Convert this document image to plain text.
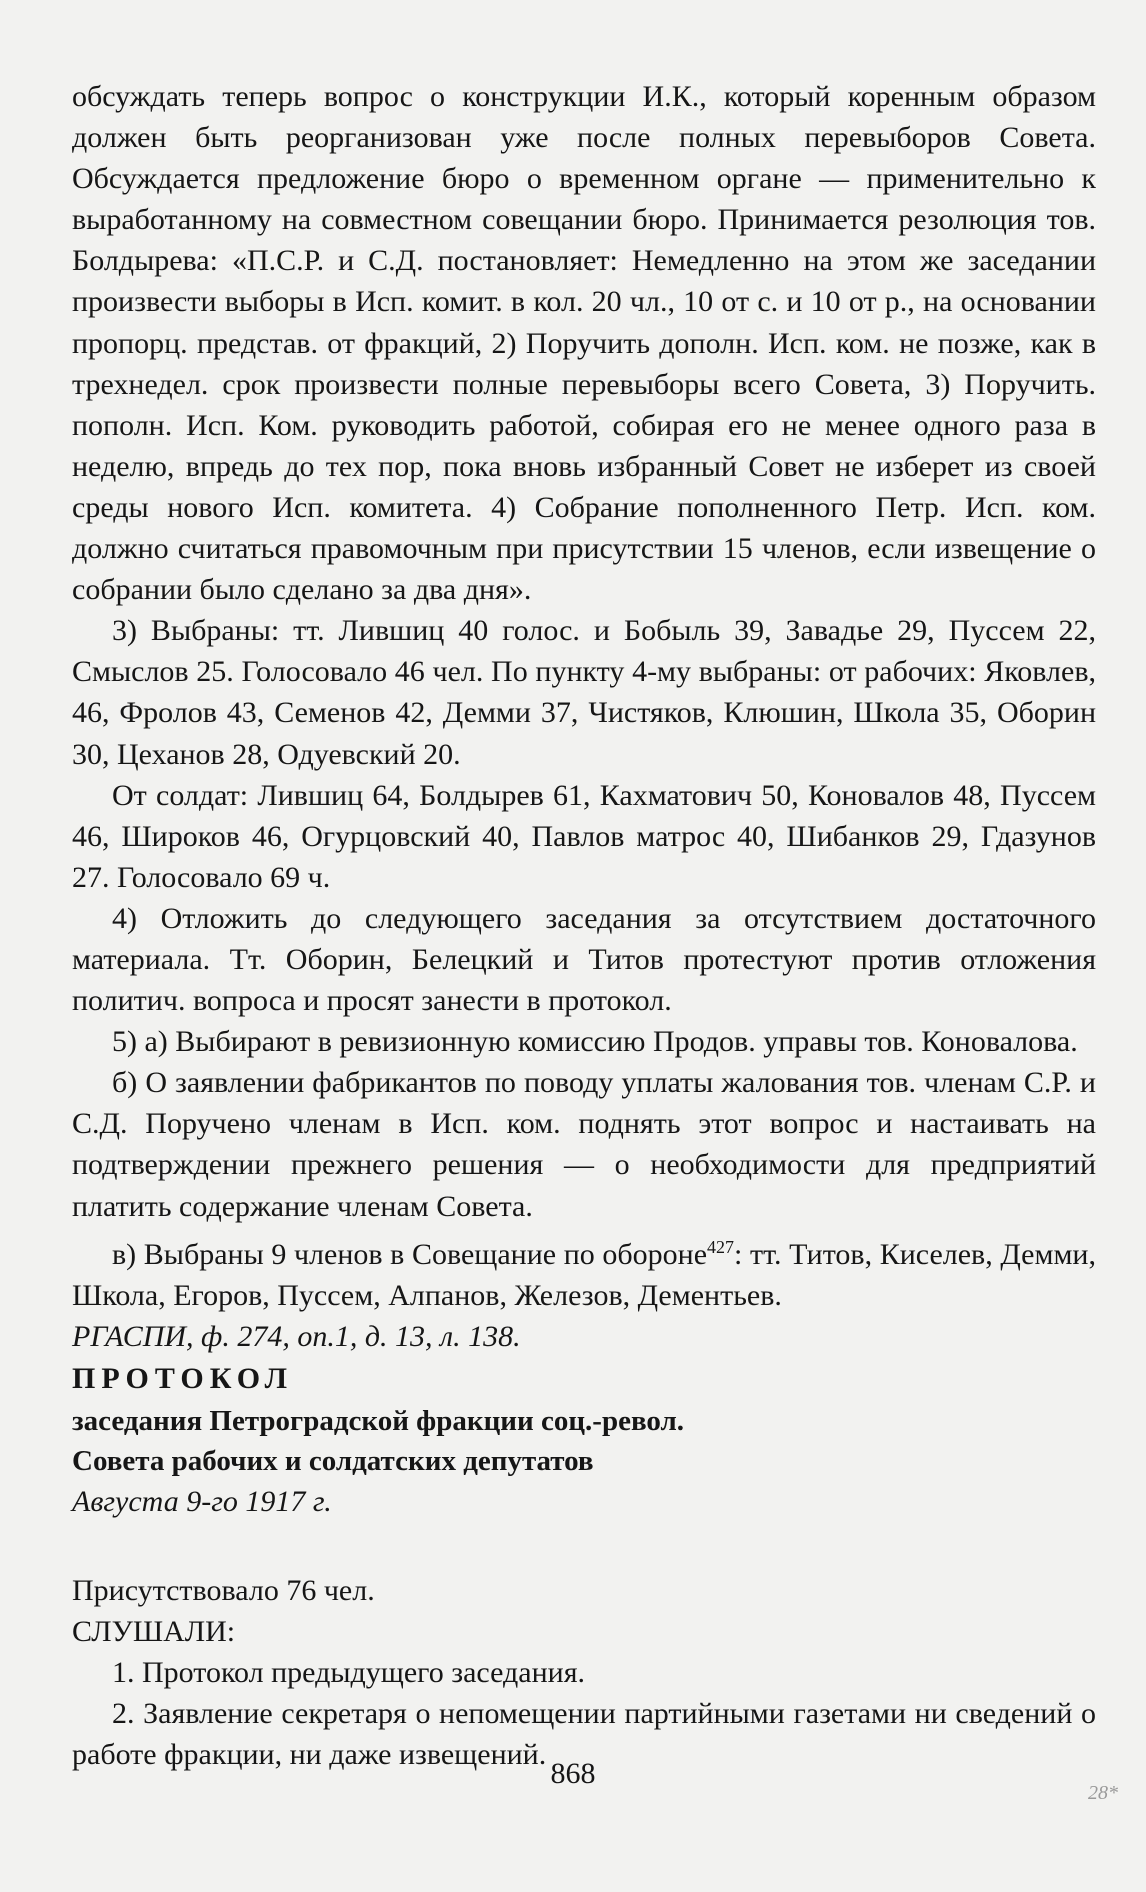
обсуждать теперь вопрос о конструкции И.К., который коренным образом должен быть реорганизован уже после полных перевыборов Совета. Обсуждается предложение бюро о временном органе — применительно к выработанному на совместном совещании бюро. Принимается резолюция тов. Болдырева: «П.С.Р. и С.Д. постановляет: Немедленно на этом же заседании произвести выборы в Исп. комит. в кол. 20 чл., 10 от с. и 10 от р., на основании пропорц. представ. от фракций, 2) Поручить дополн. Исп. ком. не позже, как в трехнедел. срок произвести полные перевыборы всего Совета, 3) Поручить. пополн. Исп. Ком. руководить работой, собирая его не менее одного раза в неделю, впредь до тех пор, пока вновь избранный Совет не изберет из своей среды нового Исп. комитета. 4) Собрание пополненного Петр. Исп. ком. должно считаться правомочным при присутствии 15 членов, если извещение о собрании было сделано за два дня».

3) Выбраны: тт. Лившиц 40 голос. и Бобыль 39, Завадье 29, Пуссем 22, Смыслов 25. Голосовало 46 чел. По пункту 4-му выбраны: от рабочих: Яковлев, 46, Фролов 43, Семенов 42, Демми 37, Чистяков, Клюшин, Школа 35, Оборин 30, Цеханов 28, Одуевский 20.

От солдат: Лившиц 64, Болдырев 61, Кахматович 50, Коновалов 48, Пуссем 46, Широков 46, Огурцовский 40, Павлов матрос 40, Шибанков 29, Гдазунов 27. Голосовало 69 ч.

4) Отложить до следующего заседания за отсутствием достаточного материала. Тт. Оборин, Белецкий и Титов протестуют против отложения политич. вопроса и просят занести в протокол.

5) а) Выбирают в ревизионную комиссию Продов. управы тов. Коновалова.

б) О заявлении фабрикантов по поводу уплаты жалования тов. членам С.Р. и С.Д. Поручено членам в Исп. ком. поднять этот вопрос и настаивать на подтверждении прежнего решения — о необходимости для предприятий платить содержание членам Совета.

в) Выбраны 9 членов в Совещание по обороне$^{427}$: тт. Титов, Киселев, Демми, Школа, Егоров, Пуссем, Алпанов, Железов, Дементьев.

РГАСПИ, ф. 274, оп.1, д. 13, л. 138.

ПРОТОКОЛ

заседания Петроградской фракции соц.-револ.
Совета рабочих и солдатских депутатов

Августа 9-го 1917 г.

Присутствовало 76 чел.

СЛУШАЛИ:

1. Протокол предыдущего заседания.

2. Заявление секретаря о непомещении партийными газетами ни сведений о работе фракции, ни даже извещений.

868
28*
